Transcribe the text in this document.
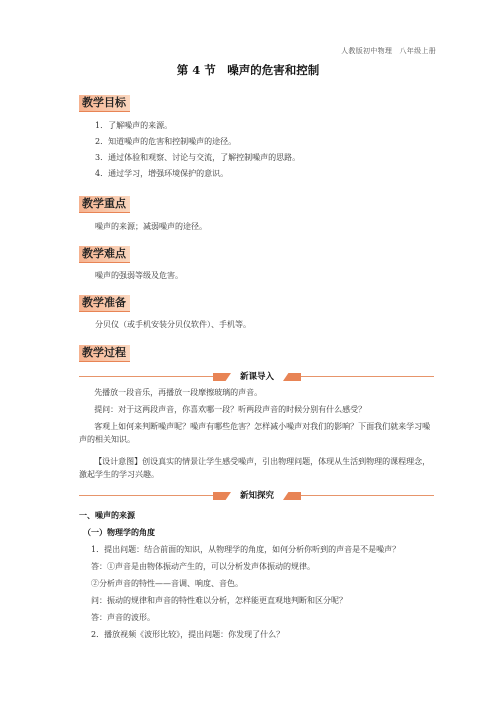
人教版初中物理　八年级上册
第 4 节　噪声的危害和控制
教学目标
1．了解噪声的来源。
2．知道噪声的危害和控制噪声的途径。
3．通过体验和观察、讨论与交流，了解控制噪声的思路。
4．通过学习，增强环境保护的意识。
教学重点
噪声的来源；减弱噪声的途径。
教学难点
噪声的强弱等级及危害。
教学准备
分贝仪（或手机安装分贝仪软件）、手机等。
教学过程
新课导入
先播放一段音乐，再播放一段摩擦玻璃的声音。
提问：对于这两段声音，你喜欢哪一段？听两段声音的时候分别有什么感受？
客观上如何来判断噪声呢？噪声有哪些危害？怎样减小噪声对我们的影响？下面我们就来学习噪声的相关知识。
【设计意图】创设真实的情景让学生感受噪声，引出物理问题，体现从生活到物理的课程理念，激起学生的学习兴趣。
新知探究
一、噪声的来源
（一）物理学的角度
1．提出问题：结合前面的知识，从物理学的角度，如何分析你听到的声音是不是噪声？
答：①声音是由物体振动产生的，可以分析发声体振动的规律。
②分析声音的特性——音调、响度、音色。
问：振动的规律和声音的特性难以分析，怎样能更直观地判断和区分呢？
答：声音的波形。
2．播放视频《波形比较》，提出问题：你发现了什么？
